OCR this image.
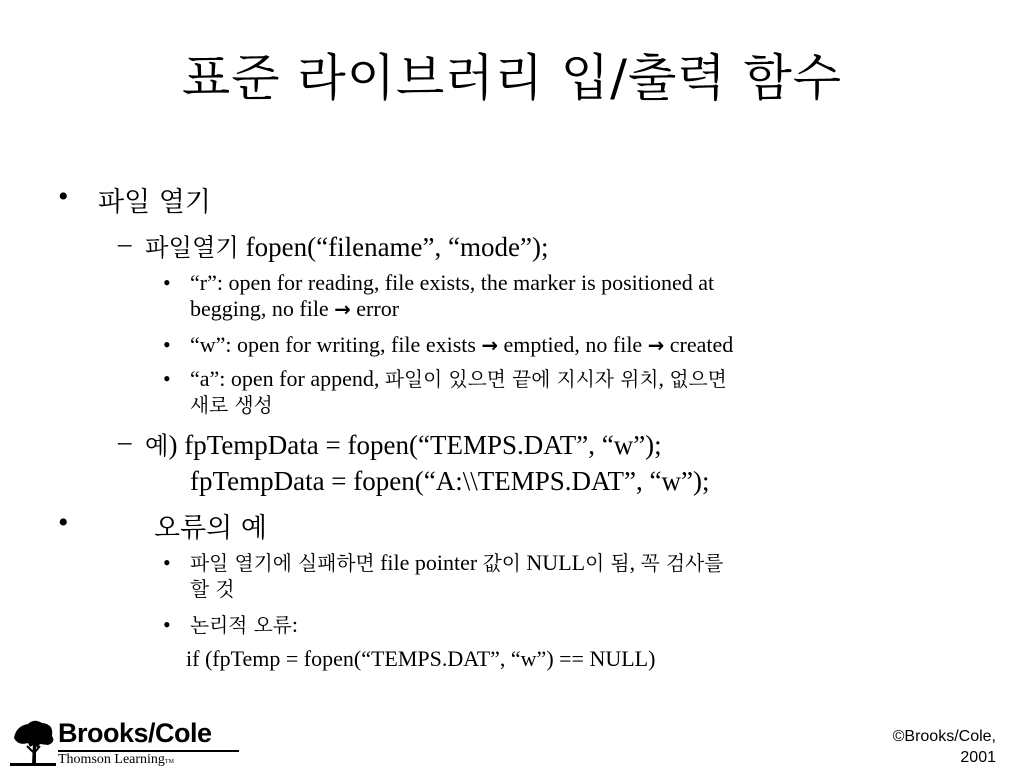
표준 라이브러리 입/출력 함수
• 파일 열기
– 파일열기 fopen(“filename”, “mode”);
• “r”: open for reading, file exists, the marker is positioned at
begging, no file → error
• “w”: open for writing, file exists → emptied, no file → created
• “a”: open for append, 파일이 있으면 끝에 지시자 위치, 없으면
새로 생성
– 예) fpTempData = fopen(“TEMPS.DAT”, “w”);
fpTempData = fopen(“A:\\TEMPS.DAT”, “w”);
•	오류의 예
• 파일 열기에 실패하면 file pointer 값이 NULL이 됨, 꼭 검사를
할 것
• 논리적 오류:
if (fpTemp = fopen(“TEMPS.DAT”, “w”) == NULL)
Brooks/Cole
Thomson LearningTM
©Brooks/Cole,
2001
